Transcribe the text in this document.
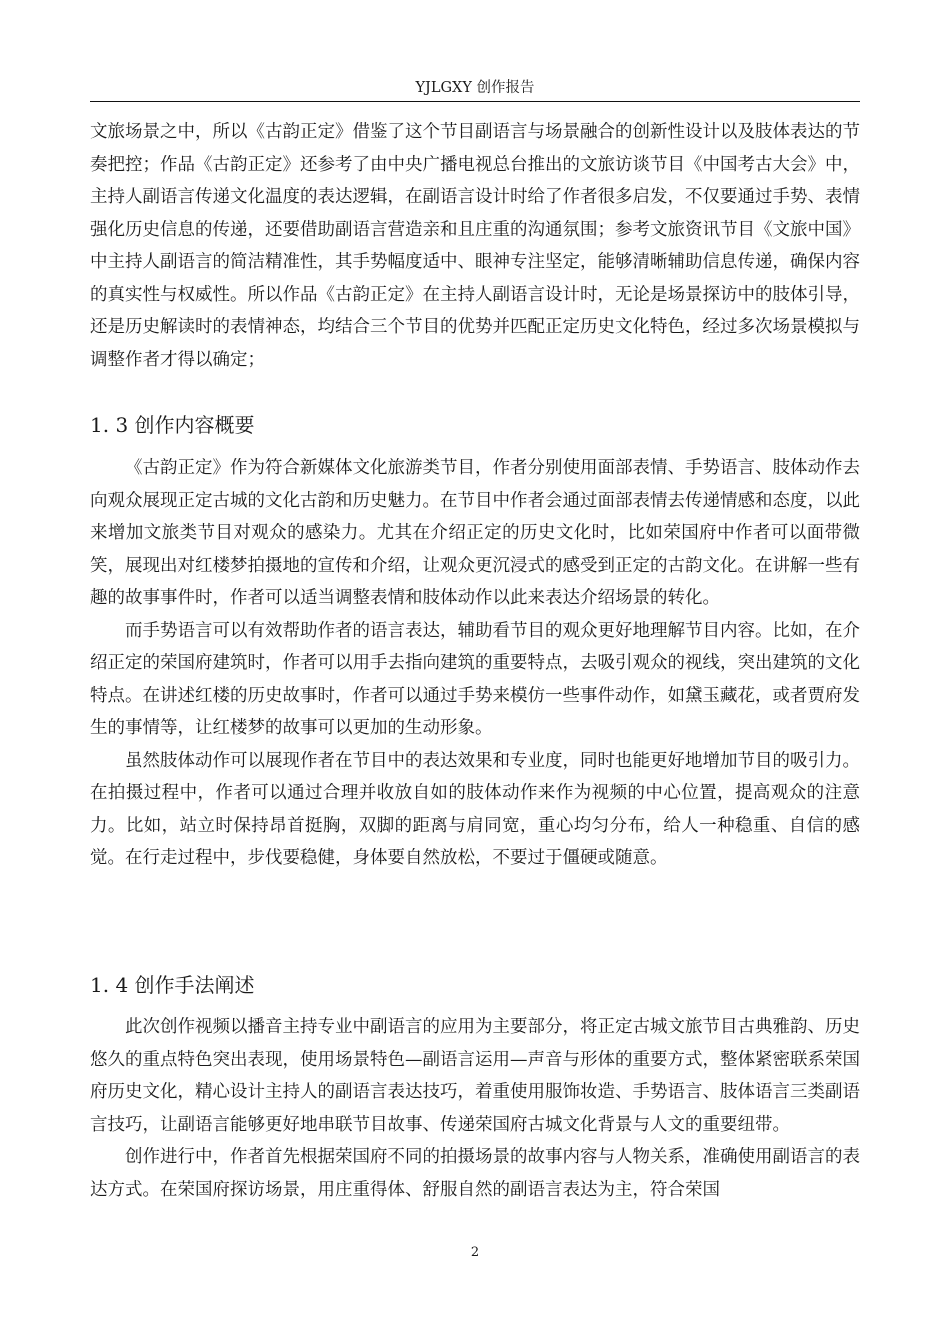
YJLGXY 创作报告

文旅场景之中，所以《古韵正定》借鉴了这个节目副语言与场景融合的创新性设计以及肢体表达的节奏把控；作品《古韵正定》还参考了由中央广播电视总台推出的文旅访谈节目《中国考古大会》中，主持人副语言传递文化温度的表达逻辑，在副语言设计时给了作者很多启发，不仅要通过手势、表情强化历史信息的传递，还要借助副语言营造亲和且庄重的沟通氛围；参考文旅资讯节目《文旅中国》中主持人副语言的简洁精准性，其手势幅度适中、眼神专注坚定，能够清晰辅助信息传递，确保内容的真实性与权威性。所以作品《古韵正定》在主持人副语言设计时，无论是场景探访中的肢体引导，还是历史解读时的表情神态，均结合三个节目的优势并匹配正定历史文化特色，经过多次场景模拟与调整作者才得以确定；

1. 3 创作内容概要

《古韵正定》作为符合新媒体文化旅游类节目，作者分别使用面部表情、手势语言、肢体动作去向观众展现正定古城的文化古韵和历史魅力。在节目中作者会通过面部表情去传递情感和态度，以此来增加文旅类节目对观众的感染力。尤其在介绍正定的历史文化时，比如荣国府中作者可以面带微笑，展现出对红楼梦拍摄地的宣传和介绍，让观众更沉浸式的感受到正定的古韵文化。在讲解一些有趣的故事事件时，作者可以适当调整表情和肢体动作以此来表达介绍场景的转化。

而手势语言可以有效帮助作者的语言表达，辅助看节目的观众更好地理解节目内容。比如，在介绍正定的荣国府建筑时，作者可以用手去指向建筑的重要特点，去吸引观众的视线，突出建筑的文化特点。在讲述红楼的历史故事时，作者可以通过手势来模仿一些事件动作，如黛玉藏花，或者贾府发生的事情等，让红楼梦的故事可以更加的生动形象。

虽然肢体动作可以展现作者在节目中的表达效果和专业度，同时也能更好地增加节目的吸引力。在拍摄过程中，作者可以通过合理并收放自如的肢体动作来作为视频的中心位置，提高观众的注意力。比如，站立时保持昂首挺胸，双脚的距离与肩同宽，重心均匀分布，给人一种稳重、自信的感觉。在行走过程中，步伐要稳健，身体要自然放松，不要过于僵硬或随意。

1. 4 创作手法阐述

此次创作视频以播音主持专业中副语言的应用为主要部分，将正定古城文旅节目古典雅韵、历史悠久的重点特色突出表现，使用场景特色—副语言运用—声音与形体的重要方式，整体紧密联系荣国府历史文化，精心设计主持人的副语言表达技巧，着重使用服饰妆造、手势语言、肢体语言三类副语言技巧，让副语言能够更好地串联节目故事、传递荣国府古城文化背景与人文的重要纽带。

创作进行中，作者首先根据荣国府不同的拍摄场景的故事内容与人物关系，准确使用副语言的表达方式。在荣国府探访场景，用庄重得体、舒服自然的副语言表达为主，符合荣国

2
